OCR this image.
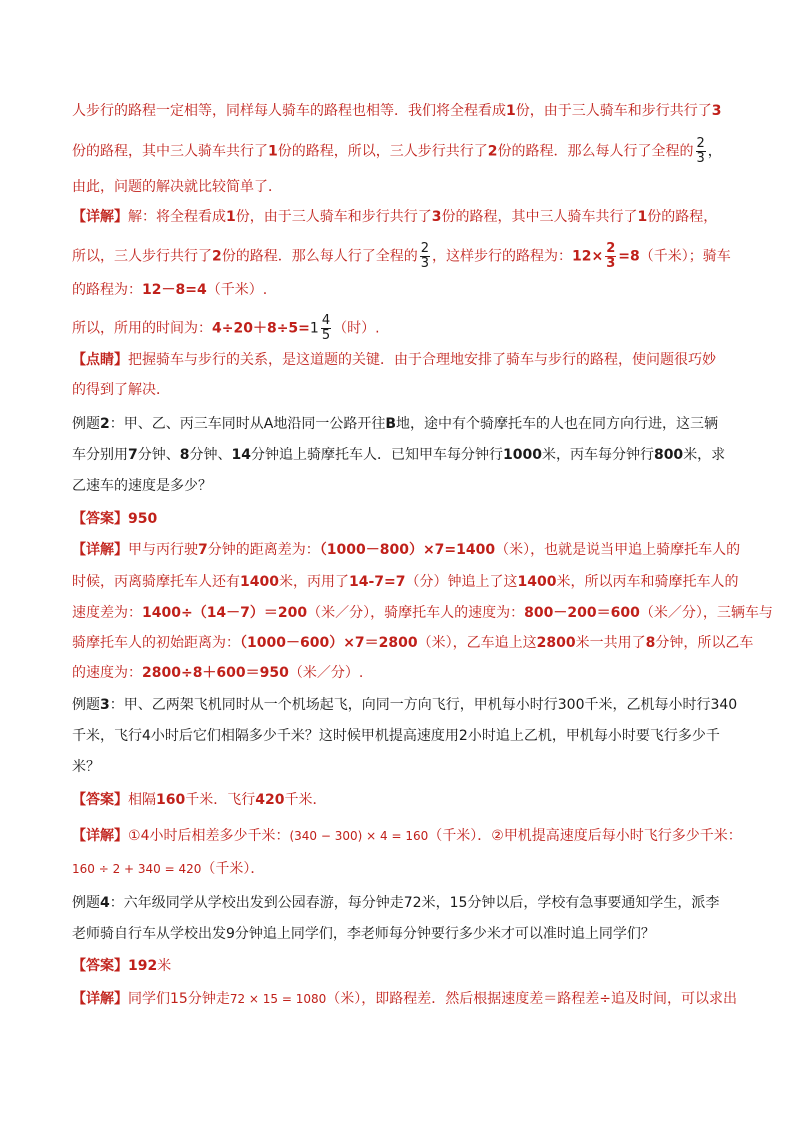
人步行的路程一定相等，同样每人骑车的路程也相等．我们将全程看成1份，由于三人骑车和步行共行了3
份的路程，其中三人骑车共行了1份的路程，所以，三人步行共行了2份的路程．那么每人行了全程的 $\frac{2}{3}$ ，
由此，问题的解决就比较简单了．
【详解】解：将全程看成1份，由于三人骑车和步行共行了3份的路程，其中三人骑车共行了1份的路程，
所以，三人步行共行了2份的路程．那么每人行了全程的 $\frac{2}{3}$ ，这样步行的路程为：$12\times \frac{2}{3} =8$（千米）；骑车
的路程为：12－8=4（千米）.
所以，所用的时间为：$4\div 20+8\div 5=1 \frac{4}{5}$ （时）.
【点睛】把握骑车与步行的关系，是这道题的关键．由于合理地安排了骑车与步行的路程，使问题很巧妙
的得到了解决．
例题2：甲、乙、丙三车同时从A地沿同一公路开往B地，途中有个骑摩托车的人也在同方向行进，这三辆
车分别用7分钟、8分钟、14分钟追上骑摩托车人．已知甲车每分钟行1000米，丙车每分钟行800米，求
乙速车的速度是多少？
【答案】950
【详解】甲与丙行驶7分钟的距离差为：（1000－800）×7=1400（米），也就是说当甲追上骑摩托车人的
时候，丙离骑摩托车人还有1400米，丙用了14-7=7（分）钟追上了这1400米，所以丙车和骑摩托车人的
速度差为：1400÷（14－7）＝200（米／分），骑摩托车人的速度为：800－200＝600（米／分），三辆车与
骑摩托车人的初始距离为：（1000－600）×7＝2800（米），乙车追上这2800米一共用了8分钟，所以乙车
的速度为：2800÷8＋600＝950（米／分）.
例题3：甲、乙两架飞机同时从一个机场起飞，向同一方向飞行，甲机每小时行300千米，乙机每小时行340
千米，飞行4小时后它们相隔多少千米？这时候甲机提高速度用2小时追上乙机，甲机每小时要飞行多少千
米？
【答案】相隔160千米．飞行420千米．
【详解】①4小时后相差多少千米：(340 − 300) × 4 = 160（千米）．②甲机提高速度后每小时飞行多少千米：
160 ÷ 2 + 340 = 420（千米）．
例题4：六年级同学从学校出发到公园春游，每分钟走72米，15分钟以后，学校有急事要通知学生，派李
老师骑自行车从学校出发9分钟追上同学们，李老师每分钟要行多少米才可以准时追上同学们？
【答案】192米
【详解】同学们15分钟走72 × 15 = 1080（米），即路程差．然后根据速度差＝路程差÷追及时间，可以求出
